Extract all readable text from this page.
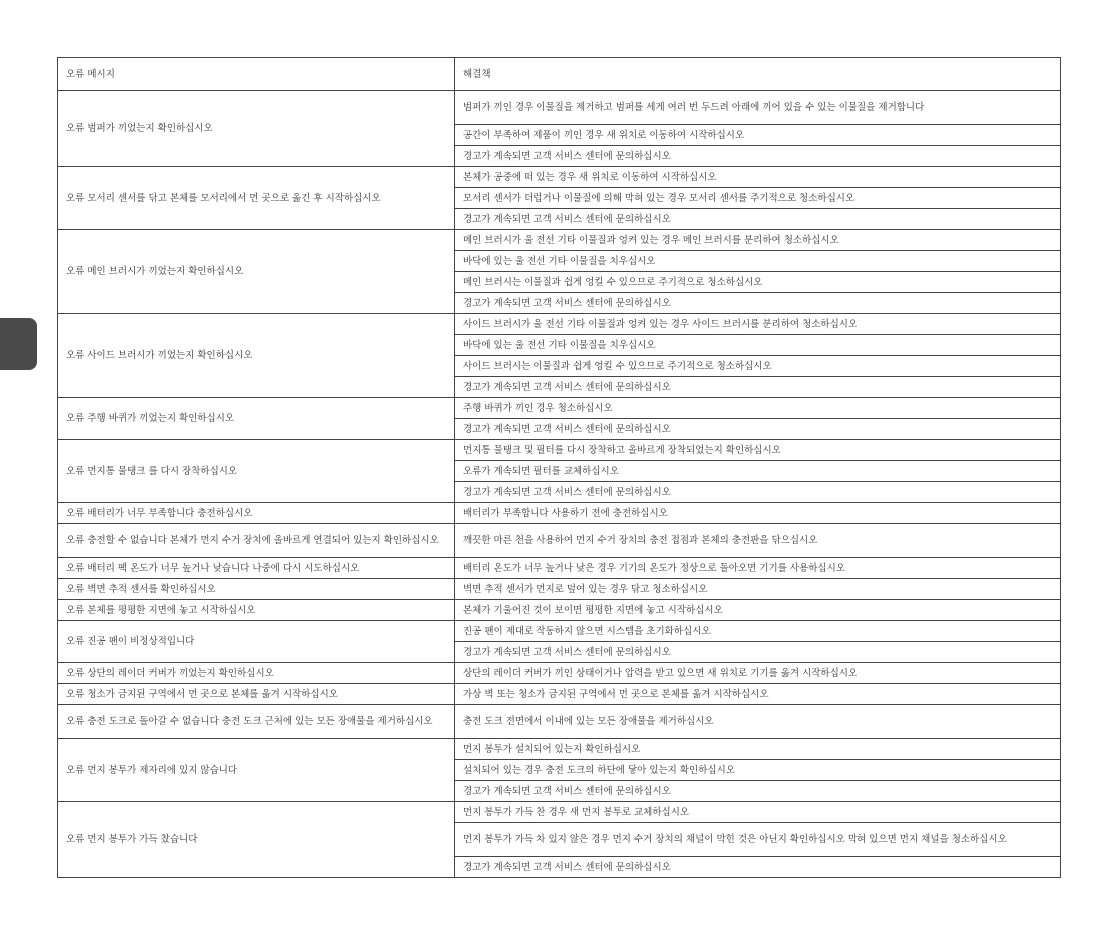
오류 메시지	해결책
오류 범퍼가 끼었는지 확인하십시오	범퍼가 끼인 경우 이물질을 제거하고 범퍼를 세게 여러 번 두드려 아래에 끼어 있을 수 있는 이물질을 제거합니다
	공간이 부족하여 제품이 끼인 경우 새 위치로 이동하여 시작하십시오
	경고가 계속되면 고객 서비스 센터에 문의하십시오
오류 모서리 센서를 닦고 본체를 모서리에서 먼 곳으로 옮긴 후 시작하십시오	본체가 공중에 떠 있는 경우 새 위치로 이동하여 시작하십시오
	모서리 센서가 더럽거나 이물질에 의해 막혀 있는 경우 모서리 센서를 주기적으로 청소하십시오
	경고가 계속되면 고객 서비스 센터에 문의하십시오
오류 메인 브러시가 끼었는지 확인하십시오	메인 브러시가 울 전선 기타 이물질과 엉켜 있는 경우 메인 브러시를 분리하여 청소하십시오
	바닥에 있는 울 전선 기타 이물질을 치우십시오
	메인 브러시는 이물질과 쉽게 엉킬 수 있으므로 주기적으로 청소하십시오
	경고가 계속되면 고객 서비스 센터에 문의하십시오
오류 사이드 브러시가 끼었는지 확인하십시오	사이드 브러시가 울 전선 기타 이물질과 엉켜 있는 경우 사이드 브러시를 분리하여 청소하십시오
	바닥에 있는 울 전선 기타 이물질을 치우십시오
	사이드 브러시는 이물질과 쉽게 엉킬 수 있으므로 주기적으로 청소하십시오
	경고가 계속되면 고객 서비스 센터에 문의하십시오
오류 주행 바퀴가 끼었는지 확인하십시오	주행 바퀴가 끼인 경우 청소하십시오
	경고가 계속되면 고객 서비스 센터에 문의하십시오
오류 먼지통 물탱크 를 다시 장착하십시오	먼지통 물탱크 및 필터를 다시 장착하고 올바르게 장착되었는지 확인하십시오
	오류가 계속되면 필터를 교체하십시오
	경고가 계속되면 고객 서비스 센터에 문의하십시오
오류 배터리가 너무 부족합니다 충전하십시오	배터리가 부족합니다 사용하기 전에 충전하십시오
오류 충전할 수 없습니다 본체가 먼지 수거 장치에 올바르게 연결되어 있는지 확인하십시오	깨끗한 마른 천을 사용하여 먼지 수거 장치의 충전 접점과 본체의 충전판을 닦으십시오
오류 배터리 팩 온도가 너무 높거나 낮습니다 나중에 다시 시도하십시오	배터리 온도가 너무 높거나 낮은 경우 기기의 온도가 정상으로 돌아오면 기기를 사용하십시오
오류 벽면 추적 센서를 확인하십시오	벽면 추적 센서가 먼지로 덮여 있는 경우 닦고 청소하십시오
오류 본체를 평평한 지면에 놓고 시작하십시오	본체가 기울어진 것이 보이면 평평한 지면에 놓고 시작하십시오
오류 진공 팬이 비정상적입니다	진공 팬이 제대로 작동하지 않으면 시스템을 초기화하십시오
	경고가 계속되면 고객 서비스 센터에 문의하십시오
오류 상단의 레이더 커버가 끼었는지 확인하십시오	상단의 레이더 커버가 끼인 상태이거나 압력을 받고 있으면 새 위치로 기기를 옮겨 시작하십시오
오류 청소가 금지된 구역에서 먼 곳으로 본체를 옮겨 시작하십시오	가상 벽 또는 청소가 금지된 구역에서 먼 곳으로 본체를 옮겨 시작하십시오
오류 충전 도크로 돌아갈 수 없습니다 충전 도크 근처에 있는 모든 장애물을 제거하십시오	충전 도크 전면에서 이내에 있는 모든 장애물을 제거하십시오
오류 먼지 봉투가 제자리에 있지 않습니다	먼지 봉투가 설치되어 있는지 확인하십시오
	설치되어 있는 경우 충전 도크의 하단에 닿아 있는지 확인하십시오
	경고가 계속되면 고객 서비스 센터에 문의하십시오
오류 먼지 봉투가 가득 찼습니다	먼지 봉투가 가득 찬 경우 새 먼지 봉투로 교체하십시오
	먼지 봉투가 가득 차 있지 않은 경우 먼지 수거 장치의 채널이 막힌 것은 아닌지 확인하십시오 막혀 있으면 먼지 채널을 청소하십시오
	경고가 계속되면 고객 서비스 센터에 문의하십시오
